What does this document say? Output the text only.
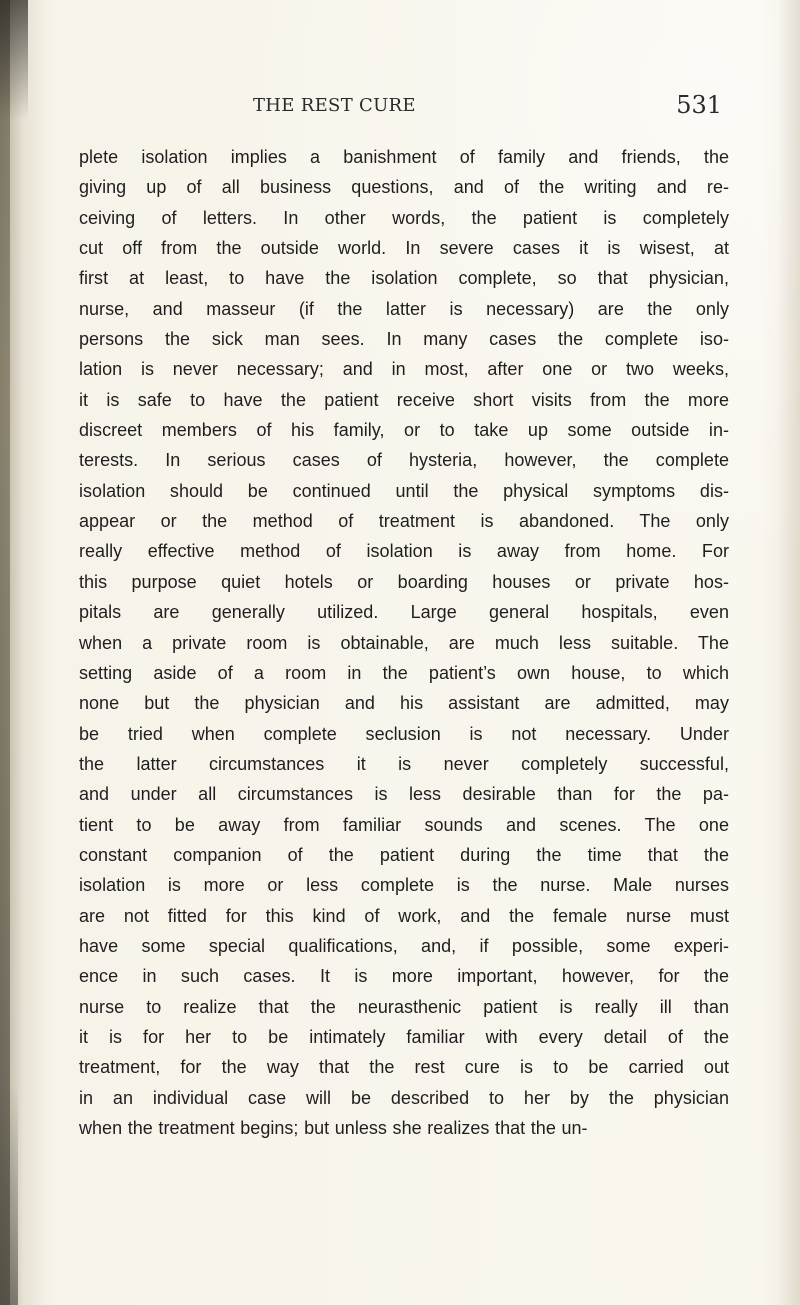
THE REST CURE	531
plete isolation implies a banishment of family and friends, the
giving up of all business questions, and of the writing and re-
ceiving of letters. In other words, the patient is completely
cut off from the outside world. In severe cases it is wisest, at
first at least, to have the isolation complete, so that physician,
nurse, and masseur (if the latter is necessary) are the only
persons the sick man sees. In many cases the complete iso-
lation is never necessary; and in most, after one or two weeks,
it is safe to have the patient receive short visits from the more
discreet members of his family, or to take up some outside in-
terests. In serious cases of hysteria, however, the complete
isolation should be continued until the physical symptoms dis-
appear or the method of treatment is abandoned. The only
really effective method of isolation is away from home. For
this purpose quiet hotels or boarding houses or private hos-
pitals are generally utilized. Large general hospitals, even
when a private room is obtainable, are much less suitable. The
setting aside of a room in the patient’s own house, to which
none but the physician and his assistant are admitted, may
be tried when complete seclusion is not necessary. Under
the latter circumstances it is never completely successful,
and under all circumstances is less desirable than for the pa-
tient to be away from familiar sounds and scenes. The one
constant companion of the patient during the time that the
isolation is more or less complete is the nurse. Male nurses
are not fitted for this kind of work, and the female nurse must
have some special qualifications, and, if possible, some experi-
ence in such cases. It is more important, however, for the
nurse to realize that the neurasthenic patient is really ill than
it is for her to be intimately familiar with every detail of the
treatment, for the way that the rest cure is to be carried out
in an individual case will be described to her by the physician
when the treatment begins; but unless she realizes that the un-
